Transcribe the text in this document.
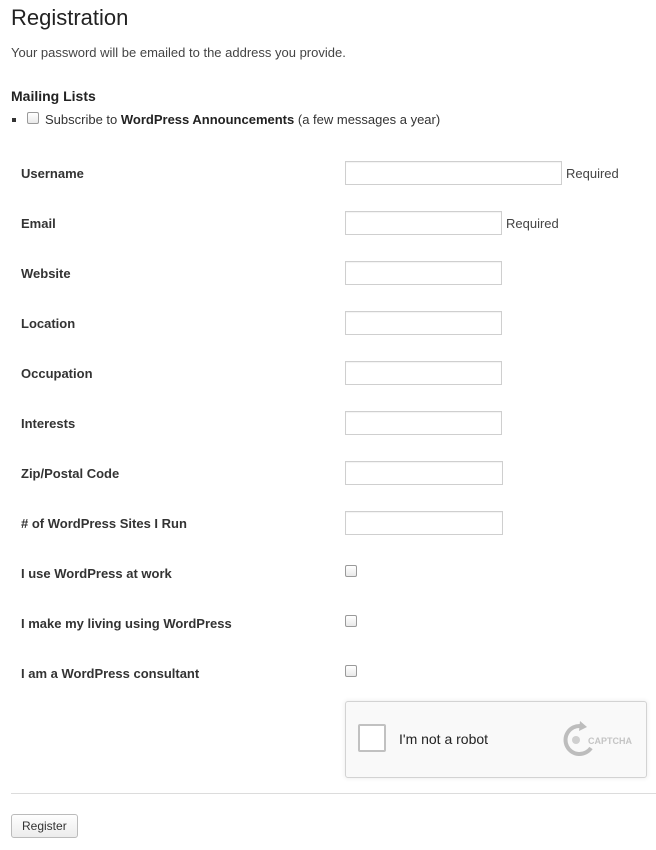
Registration
Your password will be emailed to the address you provide.
Mailing Lists
Subscribe to WordPress Announcements (a few messages a year)
Username	Required
Email	Required
Website
Location
Occupation
Interests
Zip/Postal Code
# of WordPress Sites I Run
I use WordPress at work
I make my living using WordPress
I am a WordPress consultant
I'm not a robot	CAPTCHA
Register
